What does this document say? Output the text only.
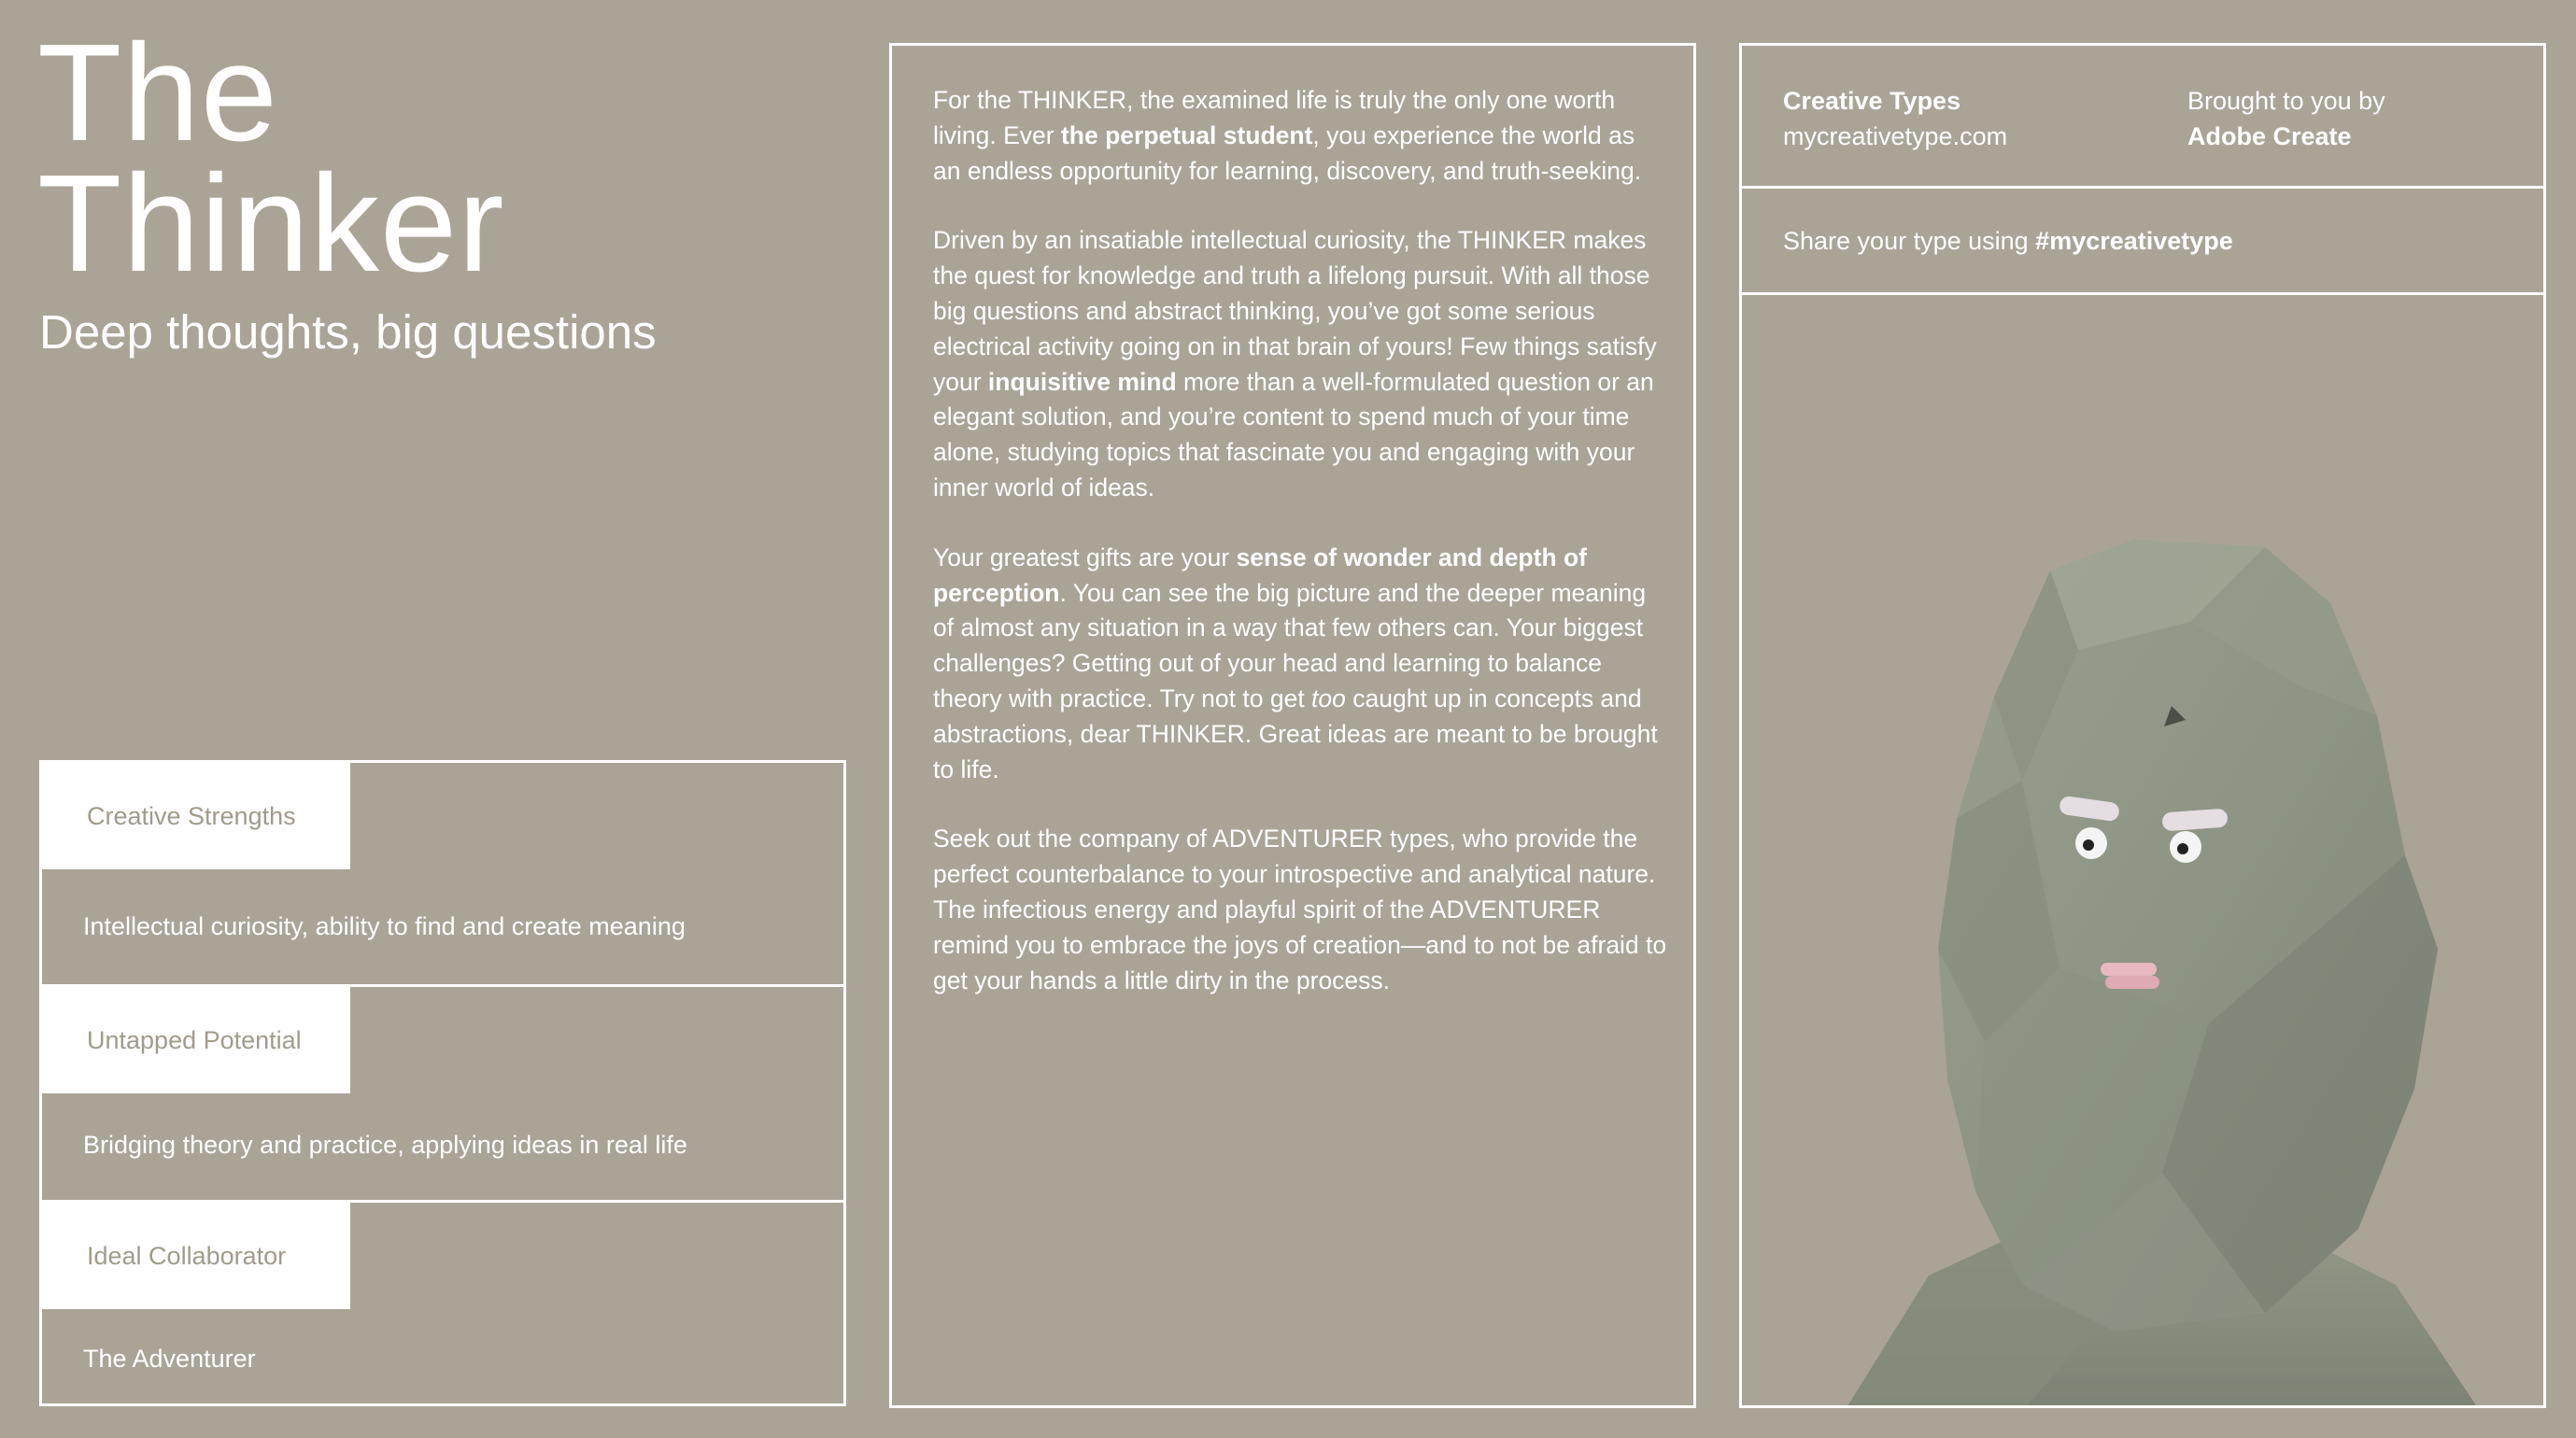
The
Thinker
Deep thoughts, big questions
Creative Strengths
Intellectual curiosity, ability to find and create meaning
Untapped Potential
Bridging theory and practice, applying ideas in real life
Ideal Collaborator
The Adventurer

For the THINKER, the examined life is truly the only one worth living. Ever the perpetual student, you experience the world as an endless opportunity for learning, discovery, and truth-seeking.

Driven by an insatiable intellectual curiosity, the THINKER makes the quest for knowledge and truth a lifelong pursuit. With all those big questions and abstract thinking, you’ve got some serious electrical activity going on in that brain of yours! Few things satisfy your inquisitive mind more than a well-formulated question or an elegant solution, and you’re content to spend much of your time alone, studying topics that fascinate you and engaging with your inner world of ideas.

Your greatest gifts are your sense of wonder and depth of perception. You can see the big picture and the deeper meaning of almost any situation in a way that few others can. Your biggest challenges? Getting out of your head and learning to balance theory with practice. Try not to get too caught up in concepts and abstractions, dear THINKER. Great ideas are meant to be brought to life.

Seek out the company of ADVENTURER types, who provide the perfect counterbalance to your introspective and analytical nature. The infectious energy and playful spirit of the ADVENTURER remind you to embrace the joys of creation—and to not be afraid to get your hands a little dirty in the process.

Creative Types
mycreativetype.com
Brought to you by
Adobe Create
Share your type using #mycreativetype
